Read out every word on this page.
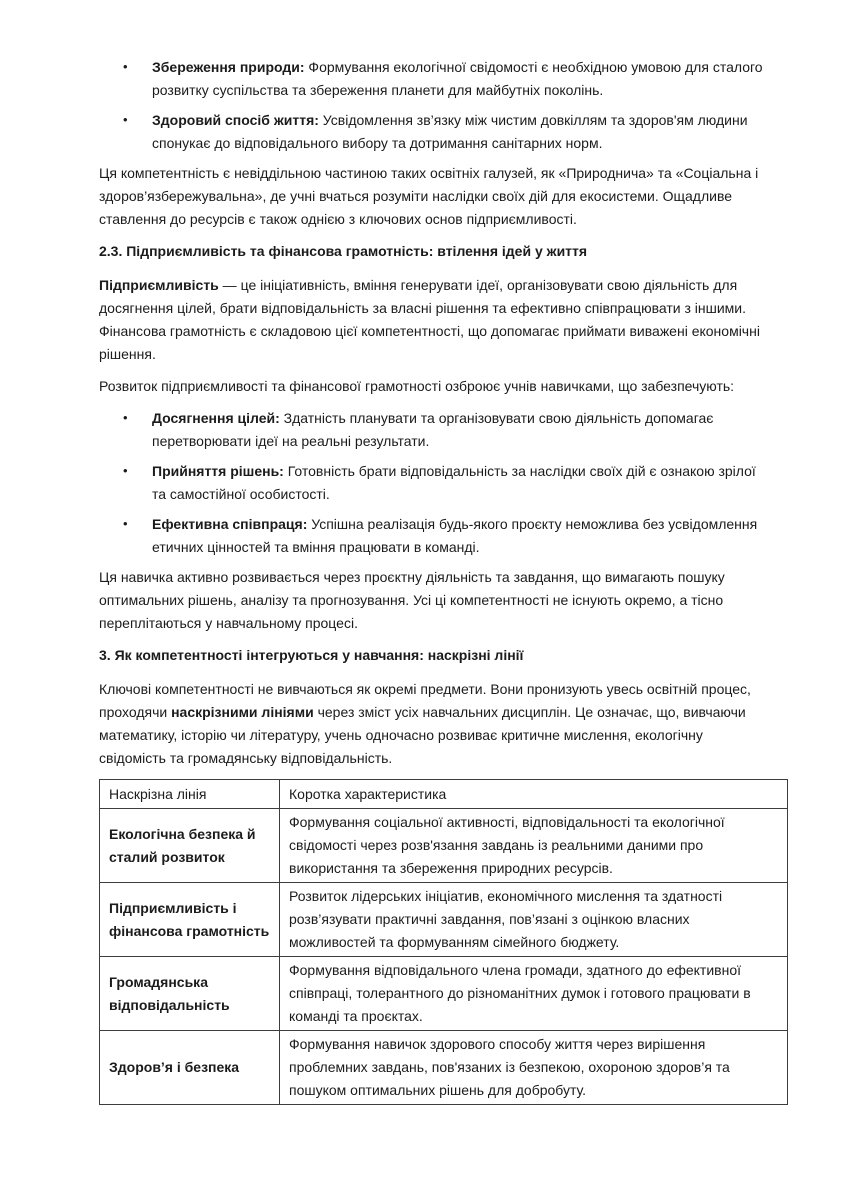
• Збереження природи: Формування екологічної свідомості є необхідною умовою для сталого розвитку суспільства та збереження планети для майбутніх поколінь.
• Здоровий спосіб життя: Усвідомлення зв’язку між чистим довкіллям та здоров'ям людини спонукає до відповідального вибору та дотримання санітарних норм.

Ця компетентність є невіддільною частиною таких освітніх галузей, як «Природнича» та «Соціальна і здоров’язбережувальна», де учні вчаться розуміти наслідки своїх дій для екосистеми. Ощадливе ставлення до ресурсів є також однією з ключових основ підприємливості.

2.3. Підприємливість та фінансова грамотність: втілення ідей у життя

Підприємливість — це ініціативність, вміння генерувати ідеї, організовувати свою діяльність для досягнення цілей, брати відповідальність за власні рішення та ефективно співпрацювати з іншими. Фінансова грамотність є складовою цієї компетентності, що допомагає приймати виважені економічні рішення.

Розвиток підприємливості та фінансової грамотності озброює учнів навичками, що забезпечують:

• Досягнення цілей: Здатність планувати та організовувати свою діяльність допомагає перетворювати ідеї на реальні результати.
• Прийняття рішень: Готовність брати відповідальність за наслідки своїх дій є ознакою зрілої та самостійної особистості.
• Ефективна співпраця: Успішна реалізація будь-якого проєкту неможлива без усвідомлення етичних цінностей та вміння працювати в команді.

Ця навичка активно розвивається через проєктну діяльність та завдання, що вимагають пошуку оптимальних рішень, аналізу та прогнозування. Усі ці компетентності не існують окремо, а тісно переплітаються у навчальному процесі.

3. Як компетентності інтегруються у навчання: наскрізні лінії

Ключові компетентності не вивчаються як окремі предмети. Вони пронизують увесь освітній процес, проходячи наскрізними лініями через зміст усіх навчальних дисциплін. Це означає, що, вивчаючи математику, історію чи літературу, учень одночасно розвиває критичне мислення, екологічну свідомість та громадянську відповідальність.

Наскрізна лінія	Коротка характеристика
Екологічна безпека й сталий розвиток	Формування соціальної активності, відповідальності та екологічної свідомості через розв'язання завдань із реальними даними про використання та збереження природних ресурсів.
Підприємливість і фінансова грамотність	Розвиток лідерських ініціатив, економічного мислення та здатності розв’язувати практичні завдання, пов’язані з оцінкою власних можливостей та формуванням сімейного бюджету.
Громадянська відповідальність	Формування відповідального члена громади, здатного до ефективної співпраці, толерантного до різноманітних думок і готового працювати в команді та проєктах.
Здоров’я і безпека	Формування навичок здорового способу життя через вирішення проблемних завдань, пов'язаних із безпекою, охороною здоров’я та пошуком оптимальних рішень для добробуту.
